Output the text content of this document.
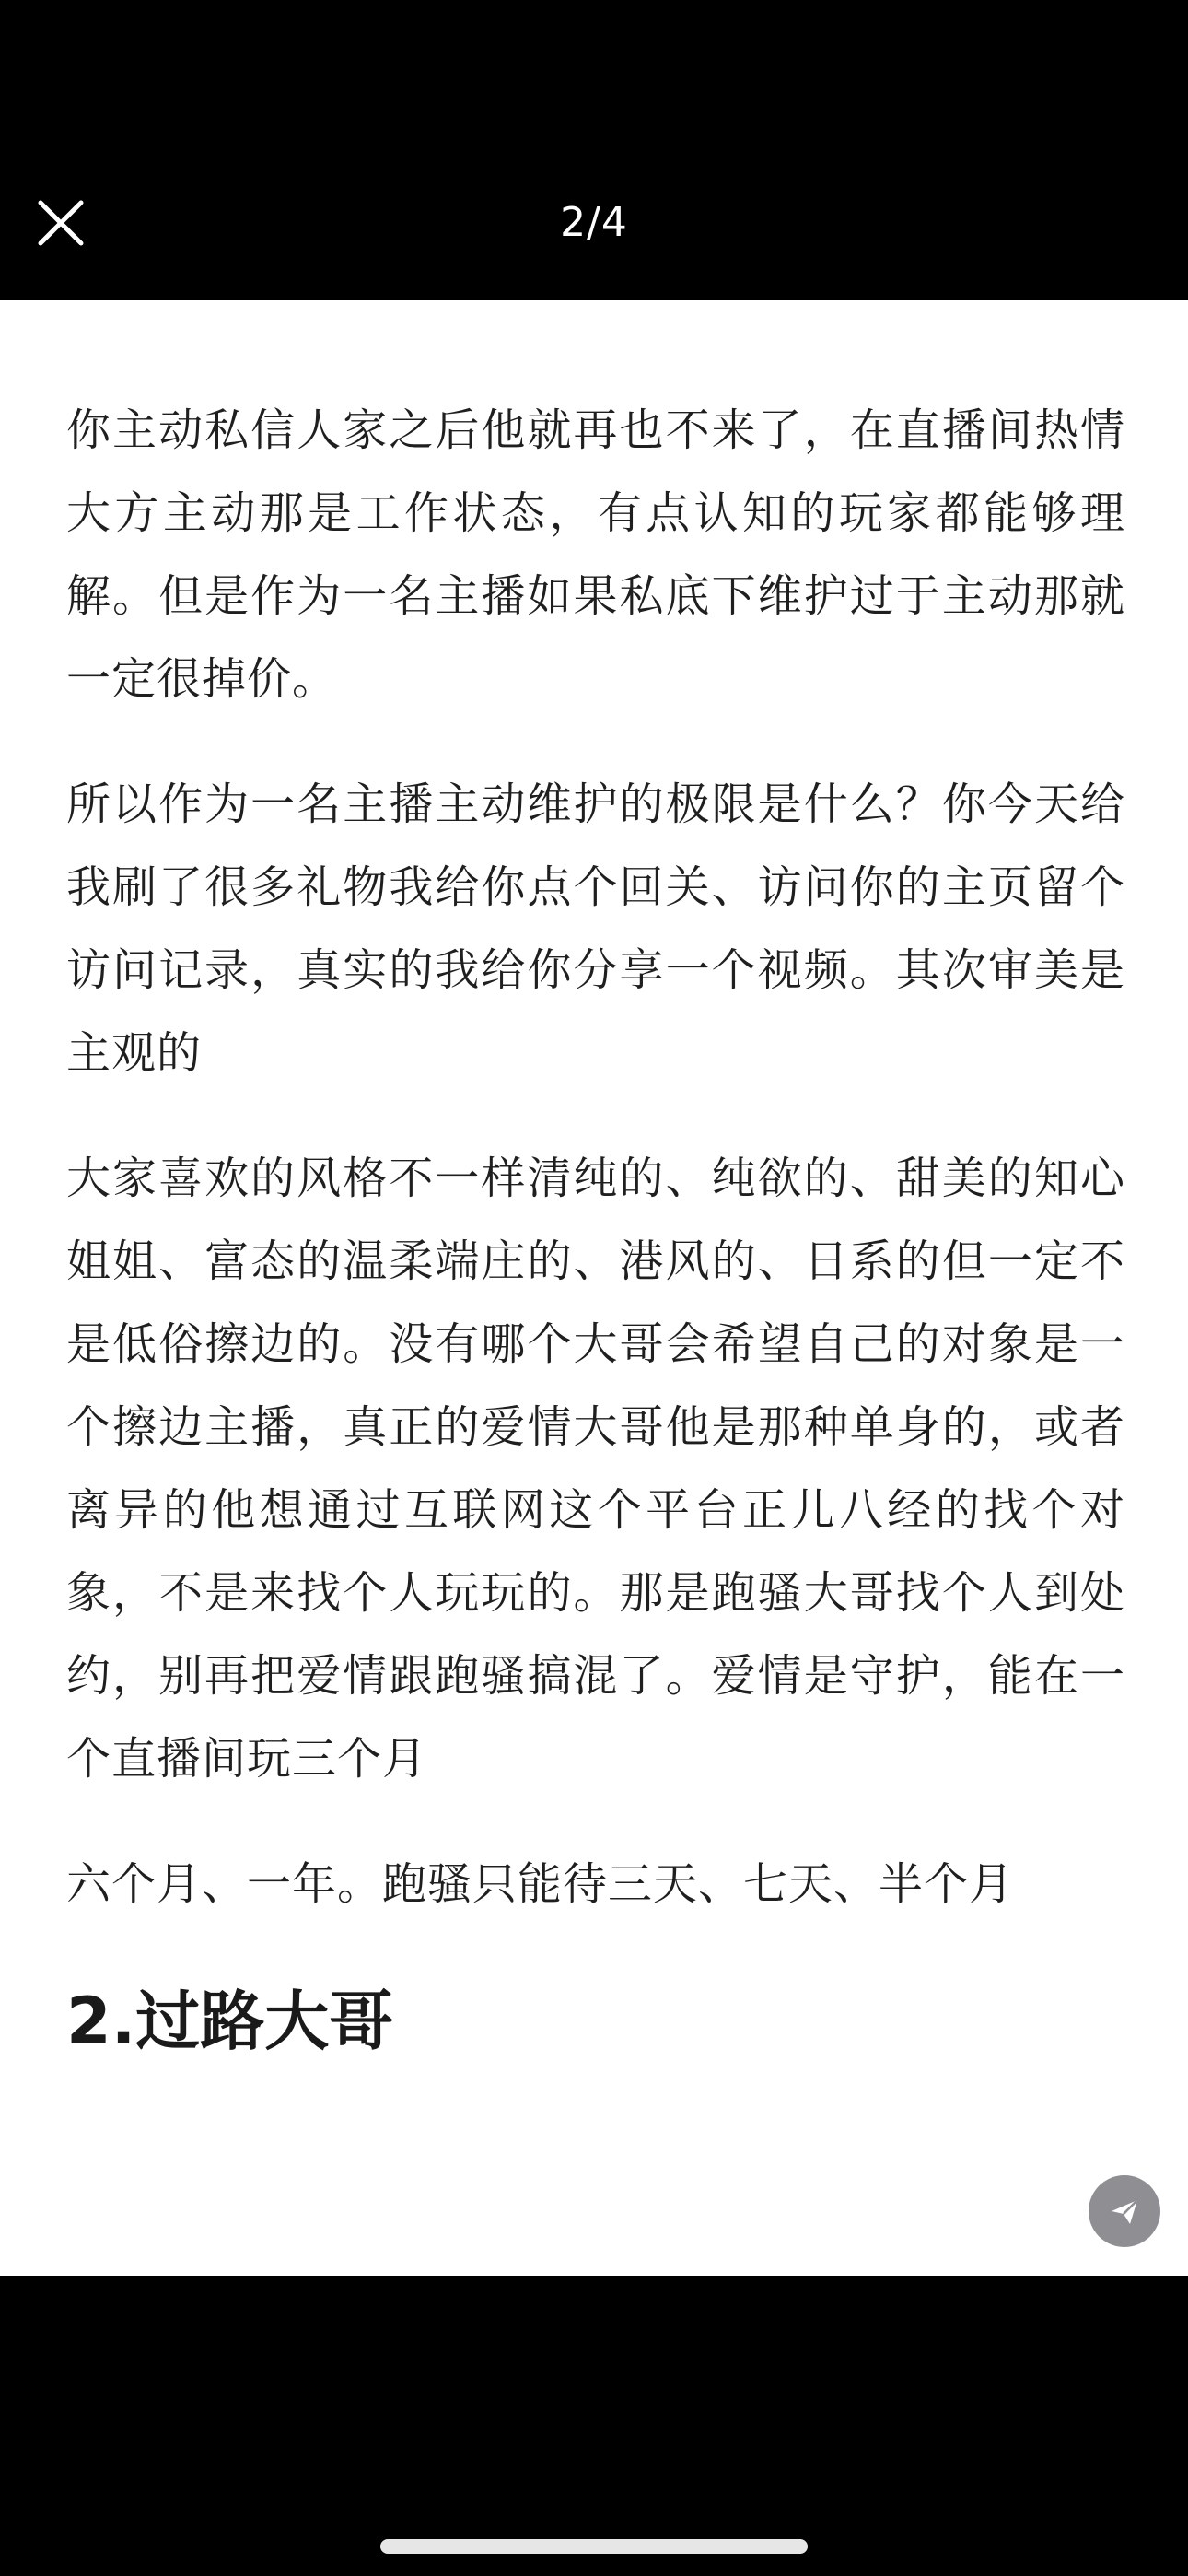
2/4

你主动私信人家之后他就再也不来了，在直播间热情大方主动那是工作状态，有点认知的玩家都能够理解。但是作为一名主播如果私底下维护过于主动那就一定很掉价。

所以作为一名主播主动维护的极限是什么？你今天给我刷了很多礼物我给你点个回关、访问你的主页留个访问记录，真实的我给你分享一个视频。其次审美是主观的

大家喜欢的风格不一样清纯的、纯欲的、甜美的知心姐姐、富态的温柔端庄的、港风的、日系的但一定不是低俗擦边的。没有哪个大哥会希望自己的对象是一个擦边主播，真正的爱情大哥他是那种单身的，或者离异的他想通过互联网这个平台正儿八经的找个对象，不是来找个人玩玩的。那是跑骚大哥找个人到处约，别再把爱情跟跑骚搞混了。爱情是守护，能在一个直播间玩三个月

六个月、一年。跑骚只能待三天、七天、半个月

2.过路大哥
